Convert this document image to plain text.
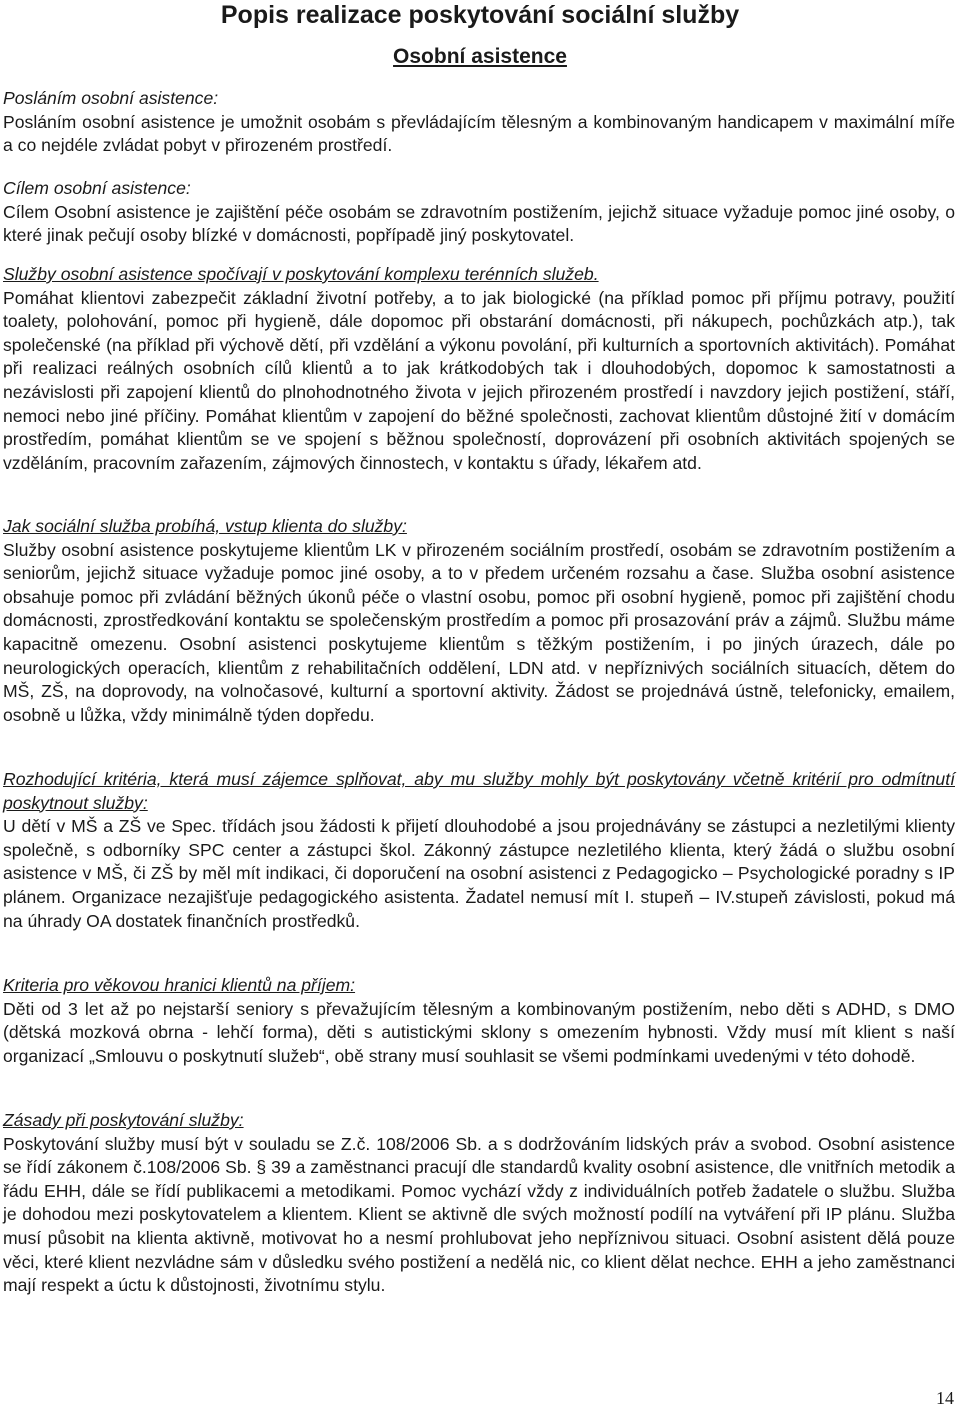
Popis realizace poskytování sociální služby
Osobní asistence

Posláním osobní asistence:

Posláním osobní asistence je umožnit osobám s převládajícím tělesným a kombinovaným handicapem v maximální míře a co nejdéle zvládat pobyt v přirozeném prostředí.

Cílem osobní asistence:

Cílem Osobní asistence je zajištění péče osobám se zdravotním postižením, jejichž situace vyžaduje pomoc jiné osoby, o které jinak pečují osoby blízké v domácnosti, popřípadě jiný poskytovatel.

Služby osobní asistence spočívají v poskytování komplexu terénních služeb.

Pomáhat klientovi zabezpečit základní životní potřeby, a to jak biologické (na příklad pomoc při příjmu potravy, použití toalety, polohování, pomoc při hygieně, dále dopomoc při obstarání domácnosti, při nákupech, pochůzkách atp.), tak společenské (na příklad při výchově dětí, při vzdělání a výkonu povolání, při kulturních a sportovních aktivitách). Pomáhat při realizaci reálných osobních cílů klientů a to jak krátkodobých tak i dlouhodobých, dopomoc k samostatnosti a nezávislosti při zapojení klientů do plnohodnotného života v jejich přirozeném prostředí i navzdory jejich postižení, stáří, nemoci nebo jiné příčiny. Pomáhat klientům v zapojení do běžné společnosti, zachovat klientům důstojné žití v domácím prostředím, pomáhat klientům se ve spojení s běžnou společností, doprovázení při osobních aktivitách spojených se vzděláním, pracovním zařazením, zájmových činnostech, v kontaktu s úřady, lékařem atd.

Jak sociální služba probíhá, vstup klienta do služby:

Služby osobní asistence poskytujeme klientům LK v přirozeném sociálním prostředí, osobám se zdravotním postižením a seniorům, jejichž situace vyžaduje pomoc jiné osoby, a to v předem určeném rozsahu a čase. Služba osobní asistence obsahuje pomoc při zvládání běžných úkonů péče o vlastní osobu, pomoc při osobní hygieně, pomoc při zajištění chodu domácnosti, zprostředkování kontaktu se společenským prostředím a pomoc při prosazování práv a zájmů. Službu máme kapacitně omezenu. Osobní asistenci poskytujeme klientům s těžkým postižením, i po jiných úrazech, dále po neurologických operacích, klientům z rehabilitačních oddělení, LDN atd. v nepříznivých sociálních situacích, dětem do MŠ, ZŠ, na doprovody, na volnočasové, kulturní a sportovní aktivity. Žádost se projednává ústně, telefonicky, emailem, osobně u lůžka, vždy minimálně týden dopředu.

Rozhodující kritéria, která musí zájemce splňovat, aby mu služby mohly být poskytovány včetně kritérií pro odmítnutí poskytnout služby:

U dětí v MŠ a ZŠ ve Spec. třídách jsou žádosti k přijetí dlouhodobé a jsou projednávány se zástupci a nezletilými klienty společně, s odborníky SPC center a zástupci škol. Zákonný zástupce nezletilého klienta, který žádá o službu osobní asistence v MŠ, či ZŠ by měl mít indikaci, či doporučení na osobní asistenci z Pedagogicko – Psychologické poradny s IP plánem. Organizace nezajišťuje pedagogického asistenta. Žadatel nemusí mít I. stupeň – IV.stupeň závislosti, pokud má na úhrady OA dostatek finančních prostředků.

Kriteria pro věkovou hranici klientů na příjem:

Děti od 3 let až po nejstarší seniory s převažujícím tělesným a kombinovaným postižením, nebo děti s ADHD, s DMO (dětská mozková obrna - lehčí forma), děti s autistickými sklony s omezením hybnosti. Vždy musí mít klient s naší organizací „Smlouvu o poskytnutí služeb“, obě strany musí souhlasit se všemi podmínkami uvedenými v této dohodě.

Zásady při poskytování služby:

Poskytování služby musí být v souladu se Z.č. 108/2006 Sb. a s dodržováním lidských práv a svobod. Osobní asistence se řídí zákonem č.108/2006 Sb. § 39 a zaměstnanci pracují dle standardů kvality osobní asistence, dle vnitřních metodik a řádu EHH, dále se řídí publikacemi a metodikami. Pomoc vychází vždy z individuálních potřeb žadatele o službu. Služba je dohodou mezi poskytovatelem a klientem. Klient se aktivně dle svých možností podílí na vytváření při IP plánu. Služba musí působit na klienta aktivně, motivovat ho a nesmí prohlubovat jeho nepříznivou situaci. Osobní asistent dělá pouze věci, které klient nezvládne sám v důsledku svého postižení a nedělá nic, co klient dělat nechce. EHH a jeho zaměstnanci mají respekt a úctu k důstojnosti, životnímu stylu.

14
